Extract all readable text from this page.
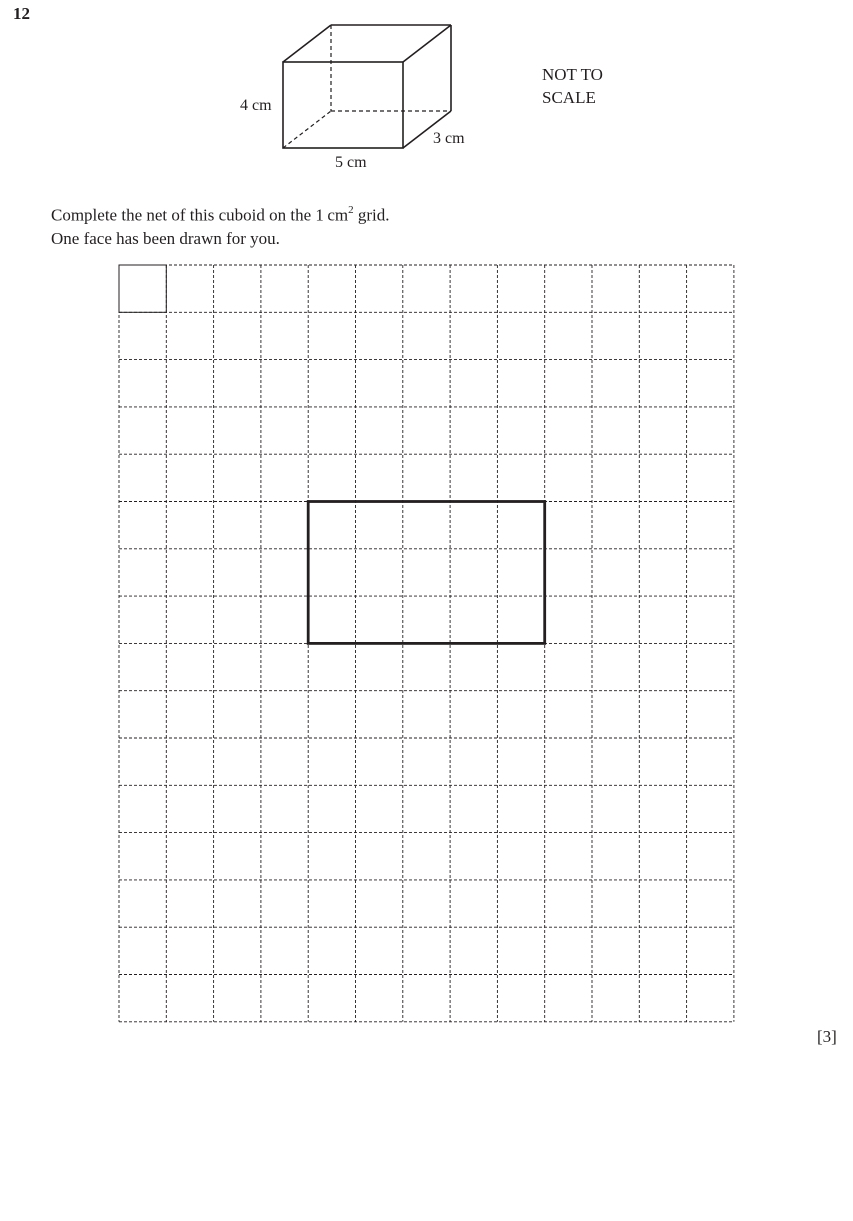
12
4 cm
5 cm
3 cm
NOT TO
SCALE
Complete the net of this cuboid on the 1  $cm^2$ grid.
One face has been drawn for you.
[3]
